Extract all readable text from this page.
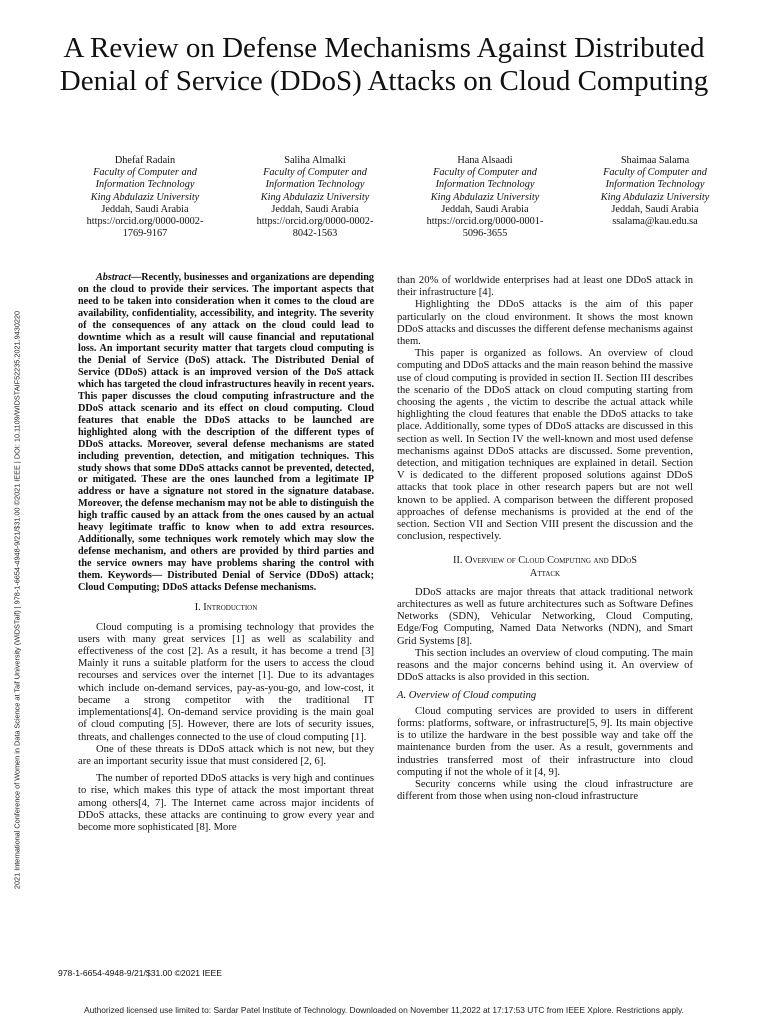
A Review on Defense Mechanisms Against Distributed Denial of Service (DDoS) Attacks on Cloud Computing
Dhefaf Radain
Faculty of Computer and
Information Technology
King Abdulaziz University
Jeddah, Saudi Arabia
https://orcid.org/0000-0002-
1769-9167
Saliha Almalki
Faculty of Computer and
Information Technology
King Abdulaziz University
Jeddah, Saudi Arabia
https://orcid.org/0000-0002-
8042-1563
Hana Alsaadi
Faculty of Computer and
Information Technology
King Abdulaziz University
Jeddah, Saudi Arabia
https://orcid.org/0000-0001-
5096-3655
Shaimaa Salama
Faculty of Computer and
Information Technology
King Abdulaziz University
Jeddah, Saudi Arabia
ssalama@kau.edu.sa
2021 International Conference of Women in Data Science at Taif University (WiDSTaif) | 978-1-6654-4948-9/21/$31.00 ©2021 IEEE | DOI: 10.1109/WIDSTAIF52235.2021.9430220

Abstract—Recently, businesses and organizations are depending on the cloud to provide their services. The important aspects that need to be taken into consideration when it comes to the cloud are availability, confidentiality, accessibility, and integrity. The severity of the consequences of any attack on the cloud could lead to downtime which as a result will cause financial and reputational loss. An important security matter that targets cloud computing is the Denial of Service (DoS) attack. The Distributed Denial of Service (DDoS) attack is an improved version of the DoS attack which has targeted the cloud infrastructures heavily in recent years. This paper discusses the cloud computing infrastructure and the DDoS attack scenario and its effect on cloud computing. Cloud features that enable the DDoS attacks to be launched are highlighted along with the description of the different types of DDoS attacks. Moreover, several defense mechanisms are stated including prevention, detection, and mitigation techniques. This study shows that some DDoS attacks cannot be prevented, detected, or mitigated. These are the ones launched from a legitimate IP address or have a signature not stored in the signature database. Moreover, the defense mechanism may not be able to distinguish the high traffic caused by an attack from the ones caused by an actual heavy legitimate traffic to know when to add extra resources. Additionally, some techniques work remotely which may slow the defense mechanism, and others are provided by third parties and the service owners may have problems sharing the control with them. Keywords— Distributed Denial of Service (DDoS) attack; Cloud Computing; DDoS attacks Defense mechanisms.

I. Introduction

Cloud computing is a promising technology that provides the users with many great services [1] as well as scalability and effectiveness of the cost [2]. As a result, it has become a trend [3] Mainly it runs a suitable platform for the users to access the cloud recourses and services over the internet [1]. Due to its advantages which include on-demand services, pay-as-you-go, and low-cost, it became a strong competitor with the traditional IT implementations[4]. On-demand service providing is the main goal of cloud computing [5]. However, there are lots of security issues, threats, and challenges connected to the use of cloud computing [1].

One of these threats is DDoS attack which is not new, but they are an important security issue that must considered [2, 6].

The number of reported DDoS attacks is very high and continues to rise, which makes this type of attack the most important threat among others[4, 7]. The Internet came across major incidents of DDoS attacks, these attacks are continuing to grow every year and become more sophisticated [8]. More

than 20% of worldwide enterprises had at least one DDoS attack in their infrastructure [4].

Highlighting the DDoS attacks is the aim of this paper particularly on the cloud environment. It shows the most known DDoS attacks and discusses the different defense mechanisms against them.

This paper is organized as follows. An overview of cloud computing and DDoS attacks and the main reason behind the massive use of cloud computing is provided in section II. Section III describes the scenario of the DDoS attack on cloud computing starting from choosing the agents , the victim to describe the actual attack while highlighting the cloud features that enable the DDoS attacks to take place. Additionally, some types of DDoS attacks are discussed in this section as well. In Section IV the well-known and most used defense mechanisms against DDoS attacks are discussed. Some prevention, detection, and mitigation techniques are explained in detail. Section V is dedicated to the different proposed solutions against DDoS attacks that took place in other research papers but are not well known to be applied. A comparison between the different proposed approaches of defense mechanisms is provided at the end of the section. Section VII and Section VIII present the discussion and the conclusion, respectively.

II. Overview of Cloud Computing and DDoS
Attack

DDoS attacks are major threats that attack traditional network architectures as well as future architectures such as Software Defines Networks (SDN), Vehicular Networking, Cloud Computing, Edge/Fog Computing, Named Data Networks (NDN), and Smart Grid Systems [8].

This section includes an overview of cloud computing. The main reasons and the major concerns behind using it. An overview of DDoS attacks is also provided in this section.

A. Overview of Cloud computing

Cloud computing services are provided to users in different forms: platforms, software, or infrastructure[5, 9]. Its main objective is to utilize the hardware in the best possible way and take off the maintenance burden from the user. As a result, governments and industries transferred most of their infrastructure into cloud computing if not the whole of it [4, 9].

Security concerns while using the cloud infrastructure are different from those when using non-cloud infrastructure

978-1-6654-4948-9/21/$31.00 ©2021 IEEE
Authorized licensed use limited to: Sardar Patel Institute of Technology. Downloaded on November 11,2022 at 17:17:53 UTC from IEEE Xplore. Restrictions apply.
